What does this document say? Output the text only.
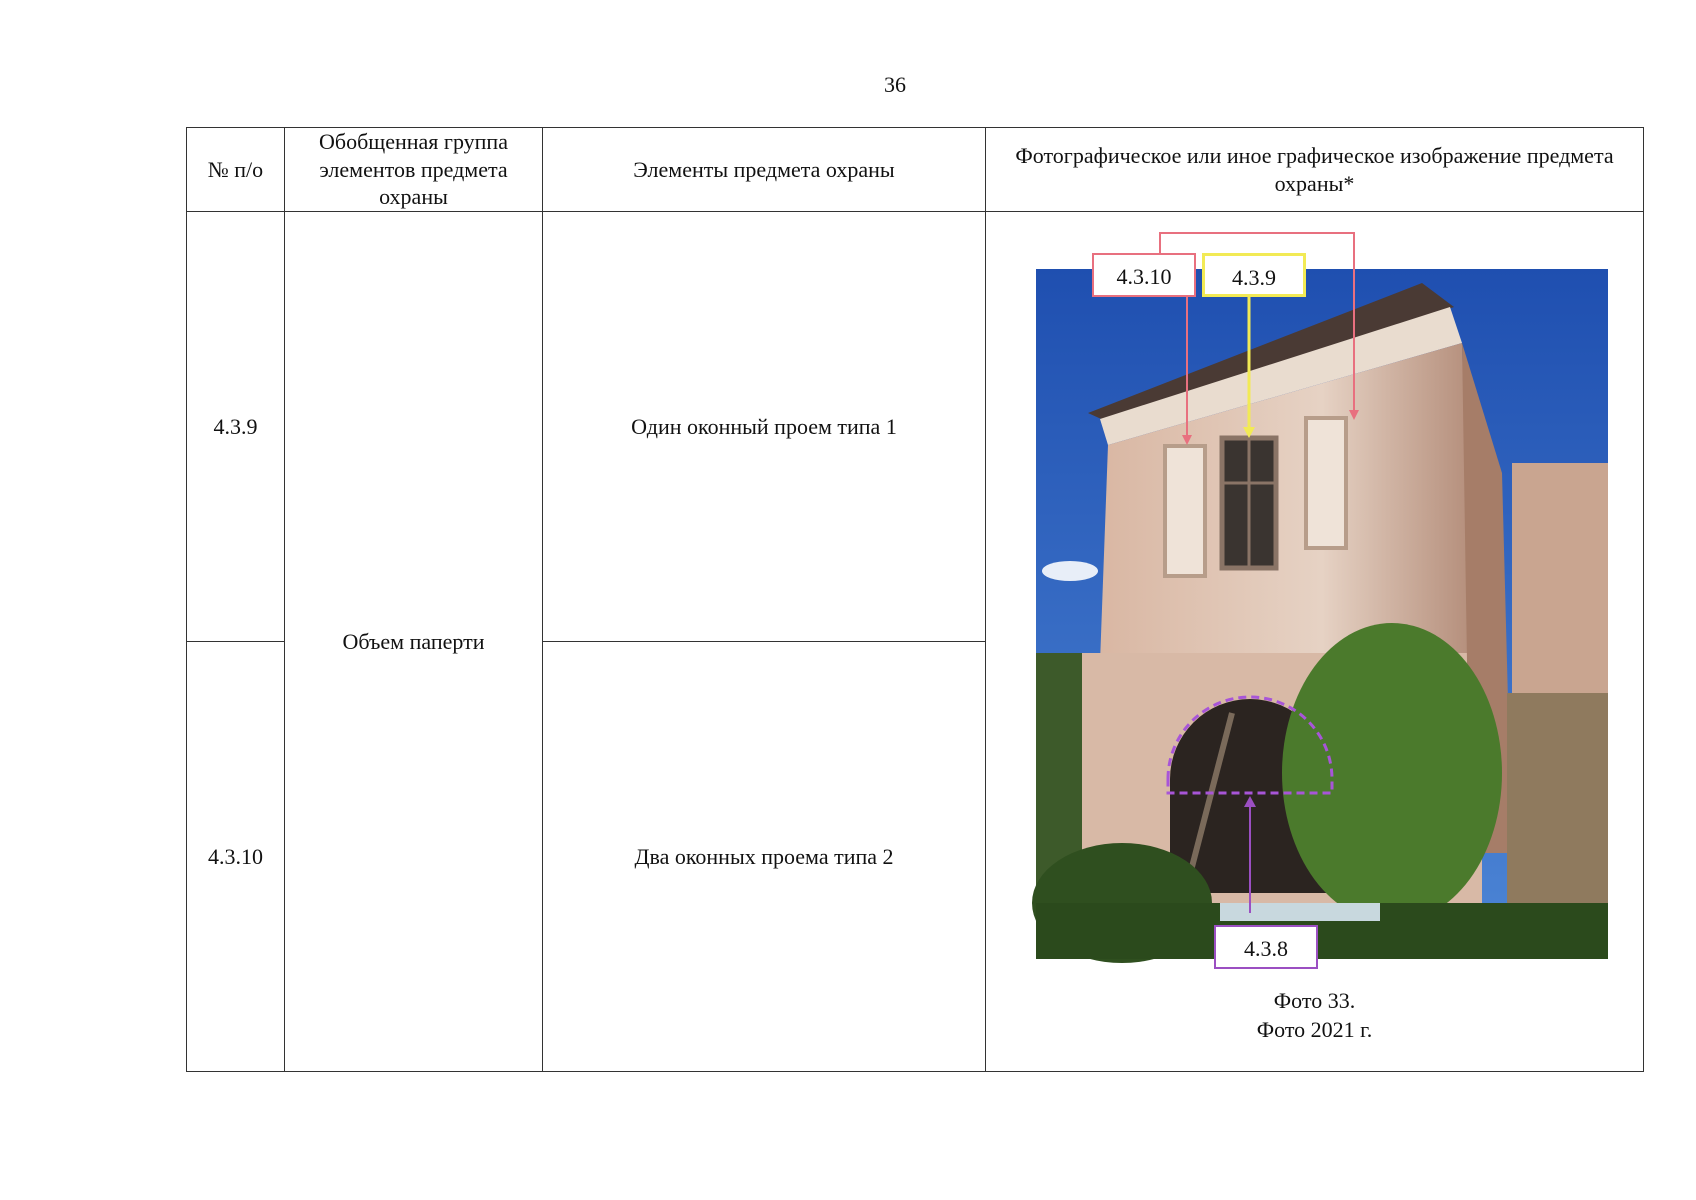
36
№ п/о	Обобщенная группа элементов предмета охраны	Элементы предмета охраны	Фотографическое или иное графическое изображение предмета охраны*
4.3.9	Объем паперти	Один оконный проем типа 1	4.3.10 4.3.9
4.3.8
Фото 33.
Фото 2021 г.

4.3.10		Два оконных проема типа 2	
